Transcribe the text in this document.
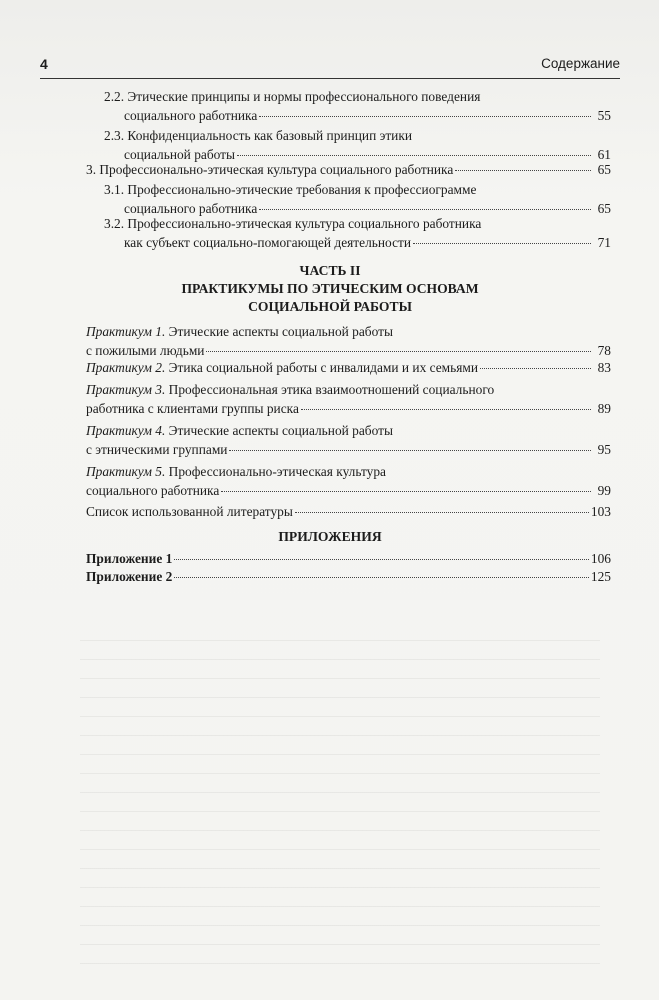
4	Содержание
2.2. Этические принципы и нормы профессионального поведения
социального работника	55
2.3. Конфиденциальность как базовый принцип этики
социальной работы	61
3. Профессионально-этическая культура социального работника	65
3.1. Профессионально-этические требования к профессиограмме
социального работника	65
3.2. Профессионально-этическая культура социального работника
как субъект социально-помогающей деятельности	71
ЧАСТЬ II
ПРАКТИКУМЫ ПО ЭТИЧЕСКИМ ОСНОВАМ
СОЦИАЛЬНОЙ РАБОТЫ
Практикум 1. Этические аспекты социальной работы
с пожилыми людьми	78
Практикум 2. Этика социальной работы с инвалидами и их семьями	83
Практикум 3. Профессиональная этика взаимоотношений социального
работника с клиентами группы риска	89
Практикум 4. Этические аспекты социальной работы
с этническими группами	95
Практикум 5. Профессионально-этическая культура
социального работника	99
Список использованной литературы	103
ПРИЛОЖЕНИЯ
Приложение 1	106
Приложение 2	125
